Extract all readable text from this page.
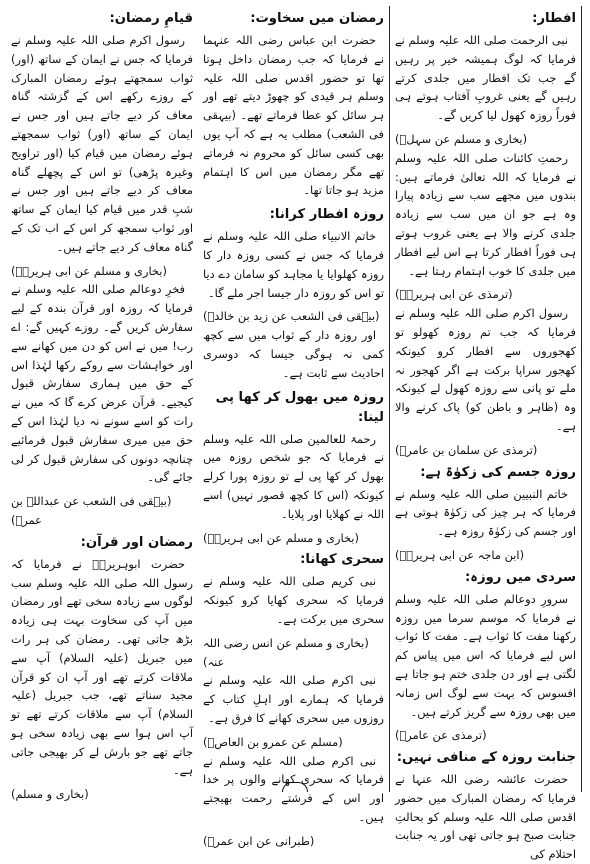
قیامِ رمضان:

رسول اکرم صلی اللہ علیہ وسلم نے فرمایا کہ جس نے ایمان کے ساتھ (اور) ثواب سمجھتے ہوئے رمضان المبارک کے روزے رکھے اس کے گزشتہ گناہ معاف کر دیے جاتے ہیں اور جس نے ایمان کے ساتھ (اور) ثواب سمجھتے ہوئے رمضان میں قیام کیا (اور تراویح وغیرہ پڑھی) تو اس کے پچھلے گناہ معاف کر دیے جاتے ہیں اور جس نے شبِ قدر میں قیام کیا ایمان کے ساتھ اور ثواب سمجھ کر اس کے اب تک کے گناہ معاف کر دیے جاتے ہیں۔

(بخاری و مسلم عن ابی ہریرہؓ)

فخرِ دوعالم صلی اللہ علیہ وسلم نے فرمایا کہ روزہ اور قرآن بندہ کے لیے سفارش کریں گے۔ روزے کہیں گے: اے رب! میں نے اس کو دن میں کھانے سے اور خواہشات سے روکے رکھا لہٰذا اس کے حق میں ہماری سفارش قبول کیجیے۔ قرآن عرض کرے گا کہ میں نے رات کو اسے سونے نہ دیا لہٰذا اس کے حق میں میری سفارش قبول فرمائیے چنانچہ دونوں کی سفارش قبول کر لی جائے گی۔

(بیہقی فی الشعب عن عبداللہ بن عمرؓ)
رمضان اور قرآن:

حضرت ابوہریرہؓ نے فرمایا کہ رسول اللہ صلی اللہ علیہ وسلم سب لوگوں سے زیادہ سخی تھے اور رمضان میں آپ کی سخاوت بہت ہی زیادہ بڑھ جاتی تھی۔ رمضان کی ہر رات میں جبریل (علیہ السلام) آپ سے ملاقات کرتے تھے اور آپ ان کو قرآن مجید سناتے تھے، جب جبریل (علیہ السلام) آپ سے ملاقات کرتے تھے تو آپ اس ہوا سے بھی زیادہ سخی ہو جاتے تھے جو بارش لے کر بھیجی جاتی ہے۔

(بخاری و مسلم)
رمضان میں سخاوت:

حضرت ابن عباس رضی اللہ عنہما نے فرمایا کہ جب رمضان داخل ہوتا تھا تو حضور اقدس صلی اللہ علیہ وسلم ہر قیدی کو چھوڑ دیتے تھے اور ہر سائل کو عطا فرماتے تھے۔ (بیہقی فی الشعب) مطلب یہ ہے کہ آپ یوں بھی کسی سائل کو محروم نہ فرماتے تھے مگر رمضان میں اس کا اہتمام مزید ہو جاتا تھا۔

روزہ افطار کرانا:

خاتم الانبیاء صلی اللہ علیہ وسلم نے فرمایا کہ جس نے کسی روزہ دار کا روزہ کھلوایا یا مجاہد کو سامان دے دیا تو اس کو روزہ دار جیسا اجر ملے گا۔

(بیہقی فی الشعب عن زید بن خالدؓ)

اور روزہ دار کے ثواب میں سے کچھ کمی نہ ہوگی جیسا کہ دوسری احادیث سے ثابت ہے۔

روزہ میں بھول کر کھا پی لینا:

رحمۃ للعالمین صلی اللہ علیہ وسلم نے فرمایا کہ جو شخص روزہ میں بھول کر کھا پی لے تو روزہ پورا کرلے کیونکہ (اس کا کچھ قصور نہیں) اسے اللہ نے کھلایا اور پلایا۔

(بخاری و مسلم عن ابی ہریرہؓ)
سحری کھانا:

نبی کریم صلی اللہ علیہ وسلم نے فرمایا کہ سحری کھایا کرو کیونکہ سحری میں برکت ہے۔

(بخاری و مسلم عن انس رضی اللہ عنہ)

نبی اکرم صلی اللہ علیہ وسلم نے فرمایا کہ ہمارے اور اہلِ کتاب کے روزوں میں سحری کھانے کا فرق ہے۔

(مسلم عن عمرو بن العاصؓ)

نبی اکرم صلی اللہ علیہ وسلم نے فرمایا کہ سحری کھانے والوں پر خدا اور اس کے فرشتے رحمت بھیجتے ہیں۔

(طبرانی عن ابن عمرؓ)
افطار:

نبی الرحمت صلی اللہ علیہ وسلم نے فرمایا کہ لوگ ہمیشہ خیر پر رہیں گے جب تک افطار میں جلدی کرتے رہیں گے یعنی غروبِ آفتاب ہوتے ہی فوراً روزہ کھول لیا کریں گے۔

(بخاری و مسلم عن سہلؓ)

رحمتِ کائنات صلی اللہ علیہ وسلم نے فرمایا کہ اللہ تعالیٰ فرماتے ہیں: بندوں میں مجھے سب سے زیادہ پیارا وہ ہے جو ان میں سب سے زیادہ جلدی کرنے والا ہے یعنی غروب ہوتے ہی فوراً افطار کرتا ہے اس لیے افطار میں جلدی کا خوب اہتمام رہتا ہے۔

(ترمذی عن ابی ہریرہؓ)

رسول اکرم صلی اللہ علیہ وسلم نے فرمایا کہ جب تم روزہ کھولو تو کھجوروں سے افطار کرو کیونکہ کھجور سراپا برکت ہے اگر کھجور نہ ملے تو پانی سے روزہ کھول لے کیونکہ وہ (ظاہر و باطن کو) پاک کرنے والا ہے۔

(ترمذی عن سلمان بن عامرؓ)
روزہ جسم کی زکوٰۃ ہے:

خاتم النبیین صلی اللہ علیہ وسلم نے فرمایا کہ ہر چیز کی زکوٰۃ ہوتی ہے اور جسم کی زکوٰۃ روزہ ہے۔

(ابن ماجہ عن ابی ہریرہؓ)
سردی میں روزہ:

سرورِ دوعالم صلی اللہ علیہ وسلم نے فرمایا کہ موسم سرما میں روزہ رکھنا مفت کا ثواب ہے۔ مفت کا ثواب اس لیے فرمایا کہ اس میں پیاس کم لگتی ہے اور دن جلدی ختم ہو جاتا ہے افسوس کہ بہت سے لوگ اس زمانہ میں بھی روزہ سے گریز کرتے ہیں۔

(ترمذی عن عامرؓ)
جنابت روزہ کے منافی نہیں:

حضرت عائشہ رضی اللہ عنہا نے فرمایا کہ رمضان المبارک میں حضور اقدس صلی اللہ علیہ وسلم کو بحالتِ جنابت صبح ہو جاتی تھی اور یہ جنابت احتلام کی
